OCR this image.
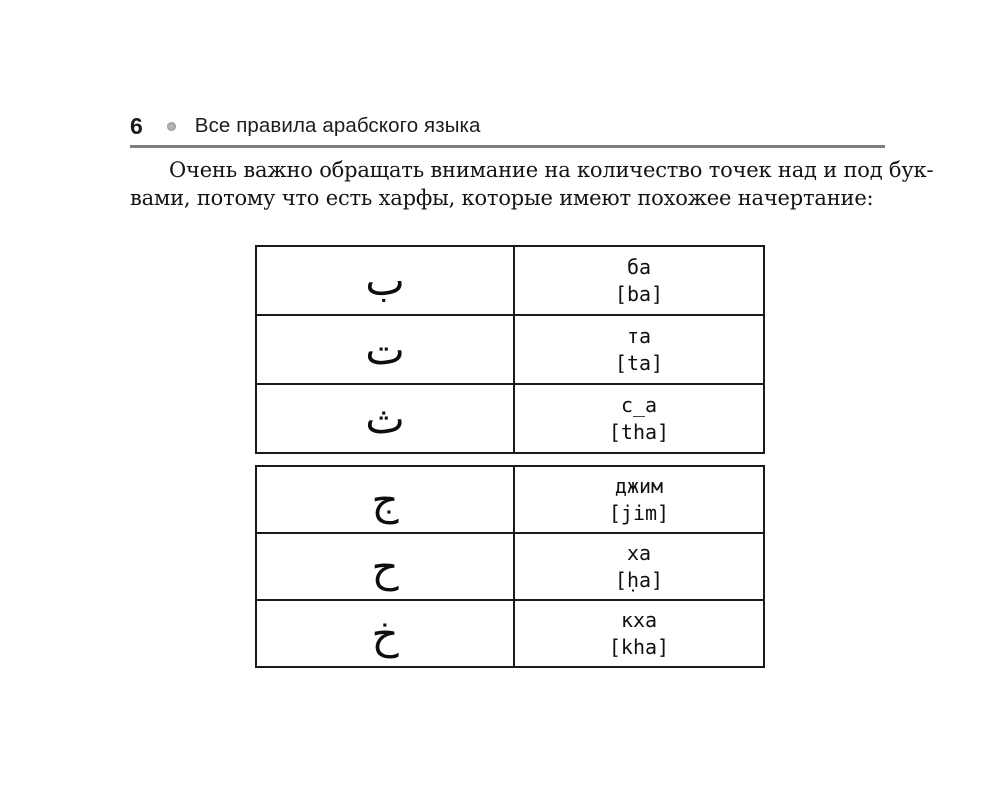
6	Все правила арабского языка
Очень важно обращать внимание на количество точек над и под бук-
вами, потому что есть харфы, которые имеют похожее начертание:
ب	ба
[ba]

ت	та
[ta]

ث	с̲а
[tha]
ج	джим
[jim]

ح	ха
[ḥa]

خ	кха
[kha]
